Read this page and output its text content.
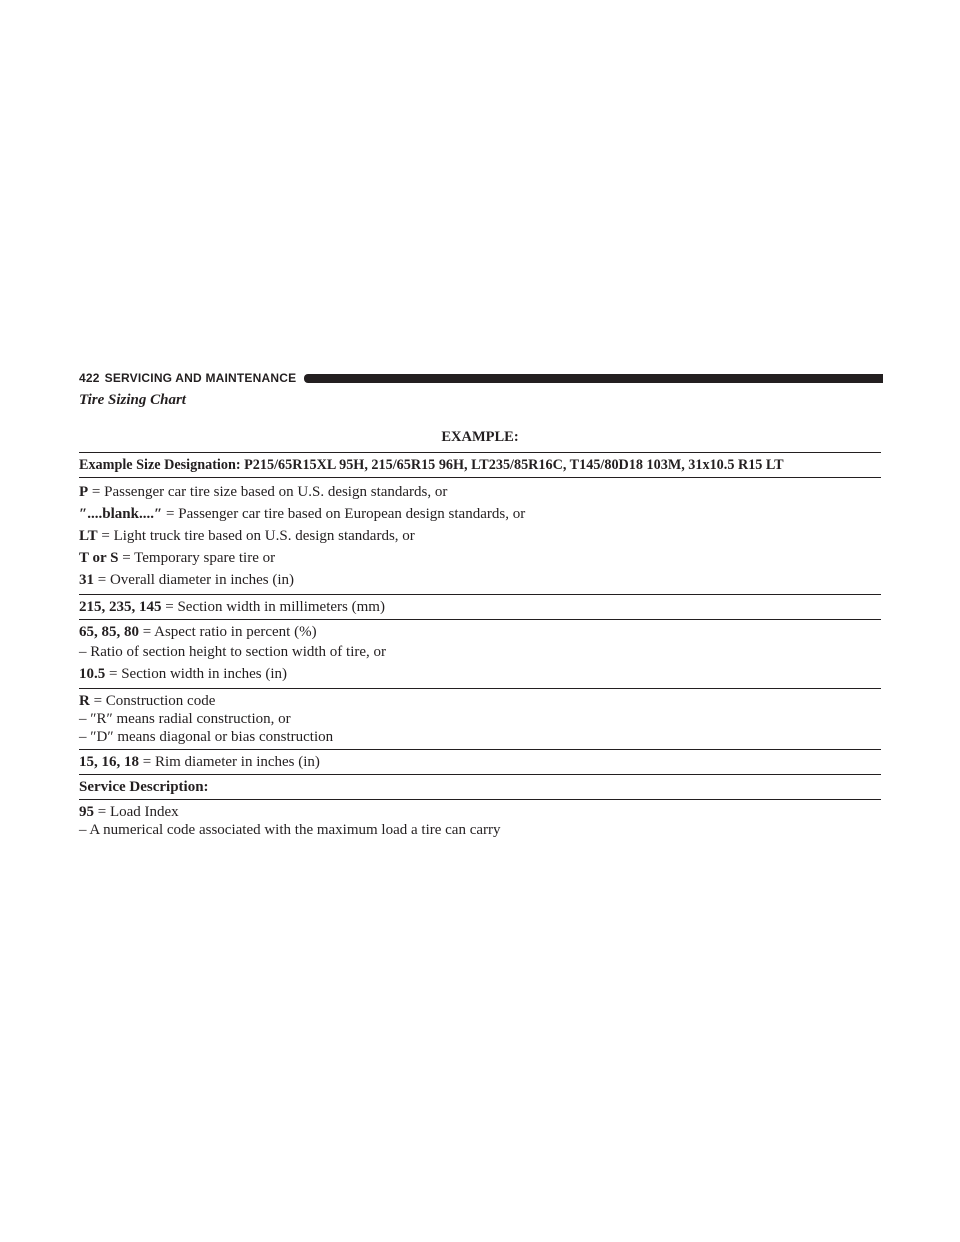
422 SERVICING AND MAINTENANCE
Tire Sizing Chart
EXAMPLE:
Example Size Designation: P215/65R15XL 95H, 215/65R15 96H, LT235/85R16C, T145/80D18 103M, 31x10.5 R15 LT
P = Passenger car tire size based on U.S. design standards, or
″....blank....″ = Passenger car tire based on European design standards, or
LT = Light truck tire based on U.S. design standards, or
T or S = Temporary spare tire or
31 = Overall diameter in inches (in)
215, 235, 145 = Section width in millimeters (mm)
65, 85, 80 = Aspect ratio in percent (%)
– Ratio of section height to section width of tire, or
10.5 = Section width in inches (in)
R = Construction code
– ″R″ means radial construction, or
– ″D″ means diagonal or bias construction
15, 16, 18 = Rim diameter in inches (in)
Service Description:
95 = Load Index
– A numerical code associated with the maximum load a tire can carry
